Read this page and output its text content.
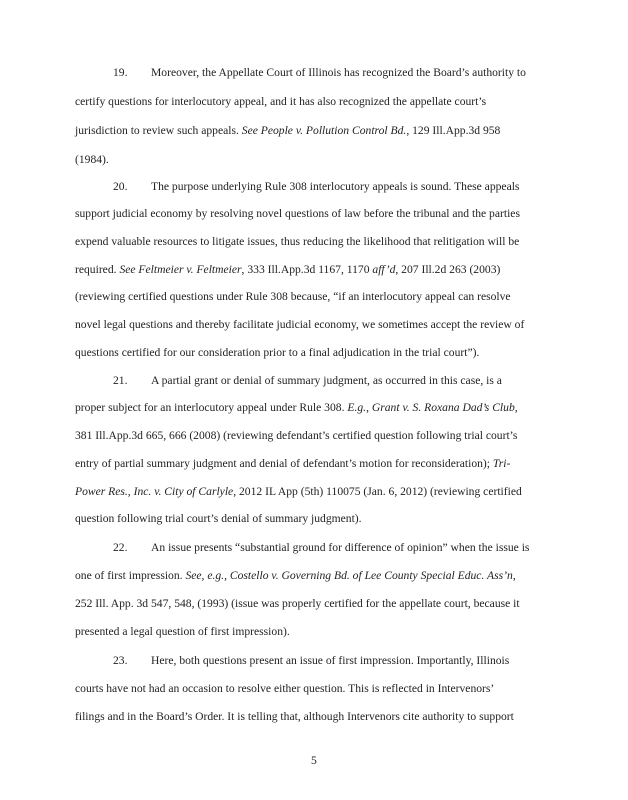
19. Moreover, the Appellate Court of Illinois has recognized the Board’s authority to
certify questions for interlocutory appeal, and it has also recognized the appellate court’s
jurisdiction to review such appeals. See People v. Pollution Control Bd., 129 Ill.App.3d 958
(1984).
20. The purpose underlying Rule 308 interlocutory appeals is sound. These appeals
support judicial economy by resolving novel questions of law before the tribunal and the parties
expend valuable resources to litigate issues, thus reducing the likelihood that relitigation will be
required. See Feltmeier v. Feltmeier, 333 Ill.App.3d 1167, 1170 aff’d, 207 Ill.2d 263 (2003)
(reviewing certified questions under Rule 308 because, “if an interlocutory appeal can resolve
novel legal questions and thereby facilitate judicial economy, we sometimes accept the review of
questions certified for our consideration prior to a final adjudication in the trial court”).
21. A partial grant or denial of summary judgment, as occurred in this case, is a
proper subject for an interlocutory appeal under Rule 308. E.g., Grant v. S. Roxana Dad’s Club,
381 Ill.App.3d 665, 666 (2008) (reviewing defendant’s certified question following trial court’s
entry of partial summary judgment and denial of defendant’s motion for reconsideration); Tri-
Power Res., Inc. v. City of Carlyle, 2012 IL App (5th) 110075 (Jan. 6, 2012) (reviewing certified
question following trial court’s denial of summary judgment).
22. An issue presents “substantial ground for difference of opinion” when the issue is
one of first impression. See, e.g., Costello v. Governing Bd. of Lee County Special Educ. Ass’n,
252 Ill. App. 3d 547, 548, (1993) (issue was properly certified for the appellate court, because it
presented a legal question of first impression).
23. Here, both questions present an issue of first impression. Importantly, Illinois
courts have not had an occasion to resolve either question. This is reflected in Intervenors’
filings and in the Board’s Order. It is telling that, although Intervenors cite authority to support
5
